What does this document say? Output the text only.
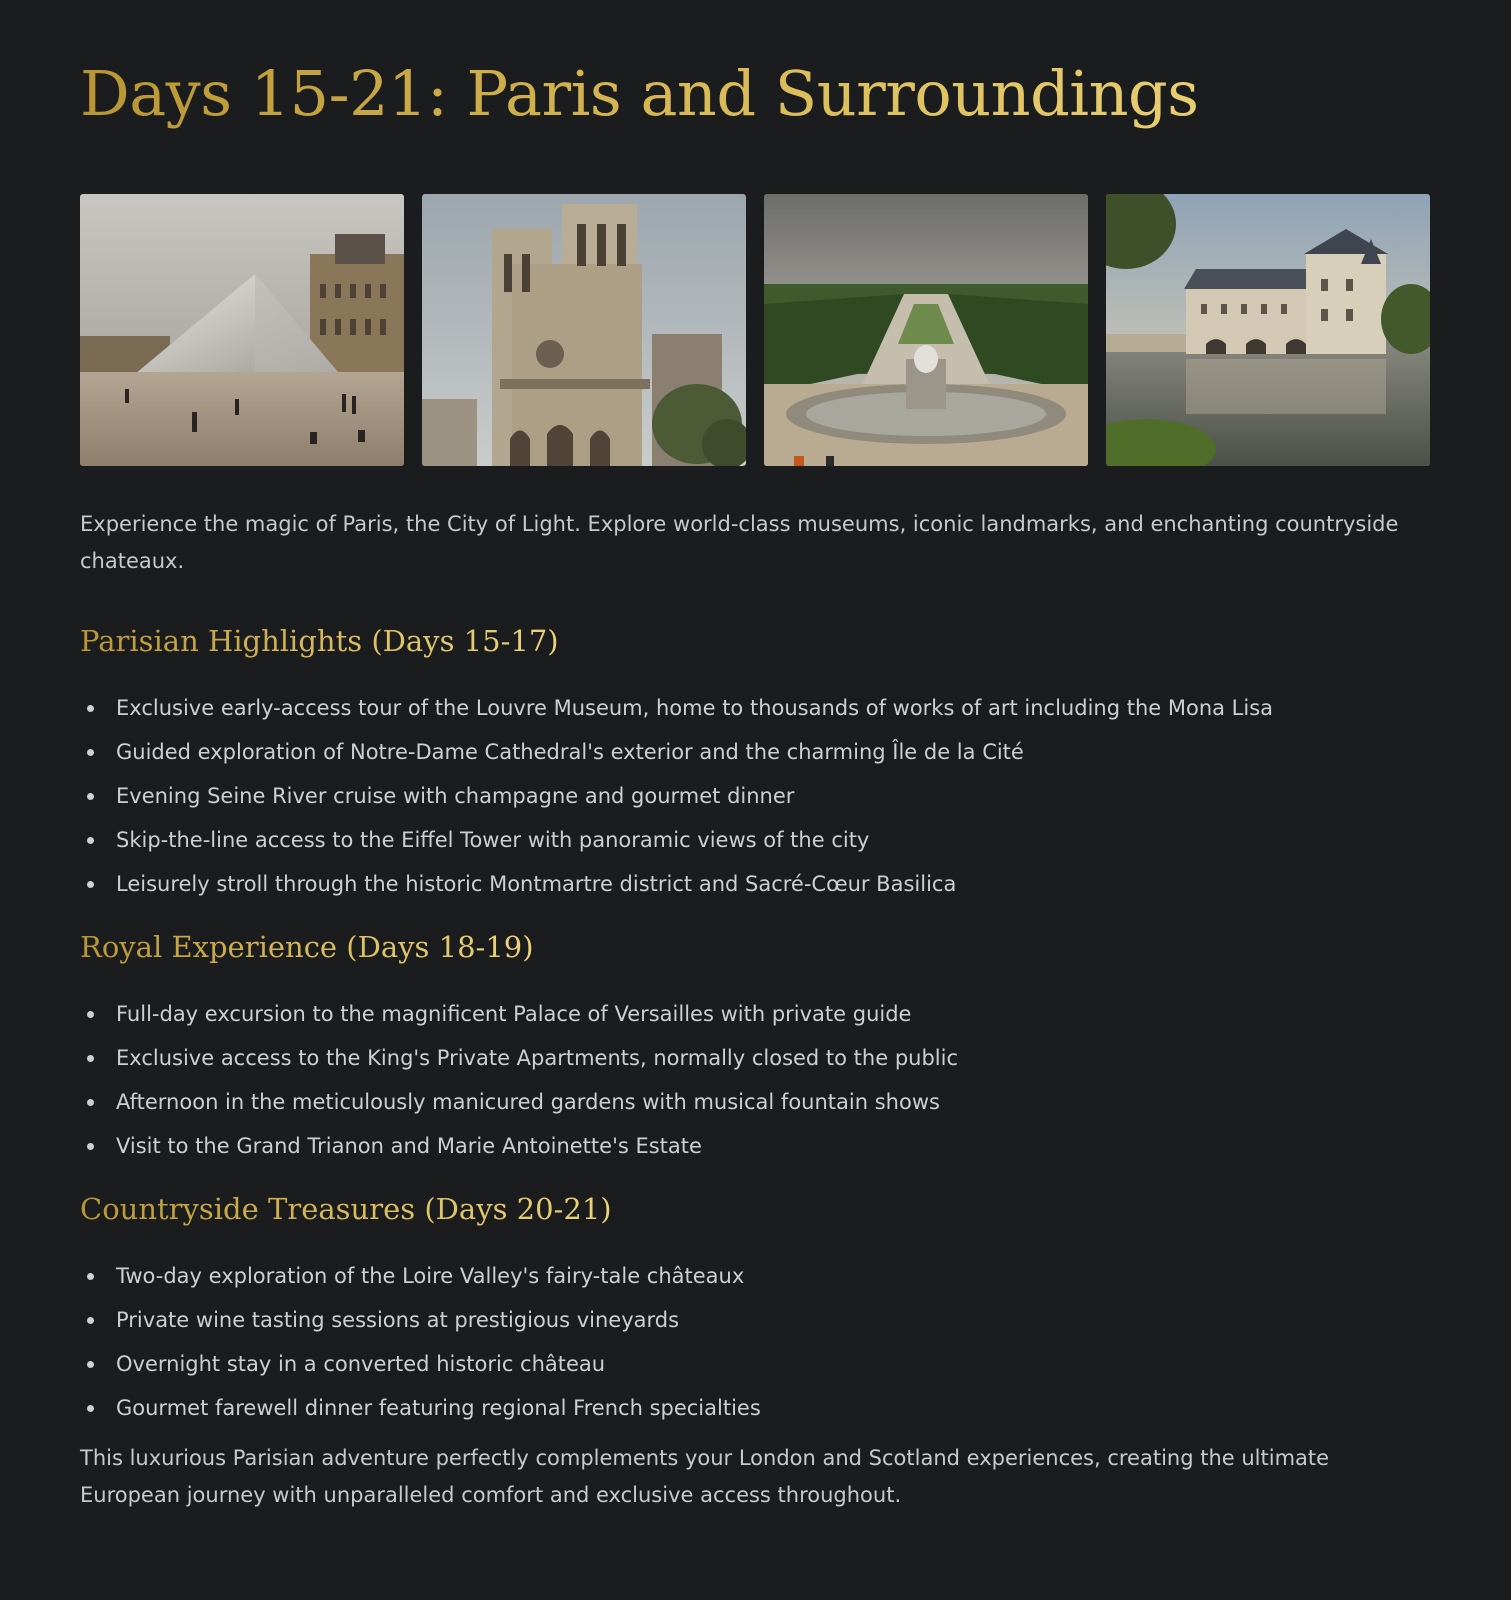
Days 15-21: Paris and Surroundings

Experience the magic of Paris, the City of Light. Explore world-class museums, iconic landmarks, and enchanting countryside chateaux.

Parisian Highlights (Days 15-17)
Exclusive early-access tour of the Louvre Museum, home to thousands of works of art including the Mona Lisa
Guided exploration of Notre-Dame Cathedral's exterior and the charming Île de la Cité
Evening Seine River cruise with champagne and gourmet dinner
Skip-the-line access to the Eiffel Tower with panoramic views of the city
Leisurely stroll through the historic Montmartre district and Sacré-Cœur Basilica
Royal Experience (Days 18-19)
Full-day excursion to the magnificent Palace of Versailles with private guide
Exclusive access to the King's Private Apartments, normally closed to the public
Afternoon in the meticulously manicured gardens with musical fountain shows
Visit to the Grand Trianon and Marie Antoinette's Estate
Countryside Treasures (Days 20-21)
Two-day exploration of the Loire Valley's fairy-tale châteaux
Private wine tasting sessions at prestigious vineyards
Overnight stay in a converted historic château
Gourmet farewell dinner featuring regional French specialties

This luxurious Parisian adventure perfectly complements your London and Scotland experiences, creating the ultimate European journey with unparalleled comfort and exclusive access throughout.
